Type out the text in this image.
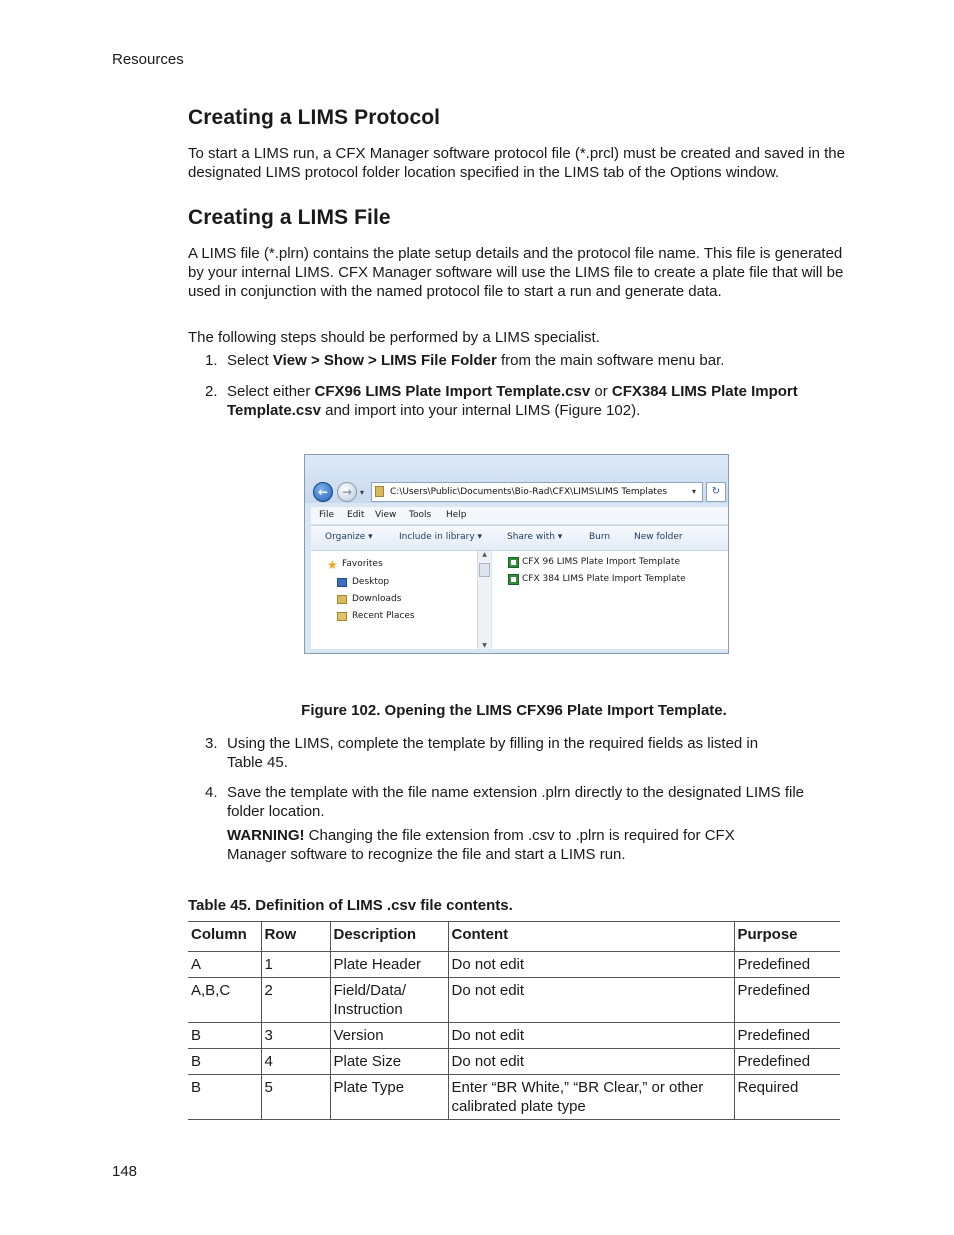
Resources
Creating a LIMS Protocol
To start a LIMS run, a CFX Manager software protocol file (*.prcl) must be created and saved in the designated LIMS protocol folder location specified in the LIMS tab of the Options window.
Creating a LIMS File
A LIMS file (*.plrn) contains the plate setup details and the protocol file name. This file is generated by your internal LIMS. CFX Manager software will use the LIMS file to create a plate file that will be used in conjunction with the named protocol file to start a run and generate data.
The following steps should be performed by a LIMS specialist.
1. Select View > Show > LIMS File Folder from the main software menu bar.
2. Select either CFX96 LIMS Plate Import Template.csv or CFX384 LIMS Plate Import Template.csv and import into your internal LIMS (Figure 102).
←	→ ▾	C:\Users\Public\Documents\Bio-Rad\CFX\LIMS\LIMS Templates	▾	↻
File Edit View Tools Help
Organize ▾	Include in library ▾	Share with ▾	Burn	New folder
★ Favorites
Desktop
Downloads
Recent Places
▲
▼
CFX 96 LIMS Plate Import Template
CFX 384 LIMS Plate Import Template
Figure 102. Opening the LIMS CFX96 Plate Import Template.
3. Using the LIMS, complete the template by filling in the required fields as listed in Table 45.
4. Save the template with the file name extension .plrn directly to the designated LIMS file folder location.
WARNING! Changing the file extension from .csv to .plrn is required for CFX Manager software to recognize the file and start a LIMS run.
Table 45. Definition of LIMS .csv file contents.
Column	Row	Description	Content	Purpose
A	1	Plate Header	Do not edit	Predefined
A,B,C	2	Field/Data/ Instruction	Do not edit	Predefined
B	3	Version	Do not edit	Predefined
B	4	Plate Size	Do not edit	Predefined
B	5	Plate Type	Enter “BR White,” “BR Clear,” or other calibrated plate type	Required
148
